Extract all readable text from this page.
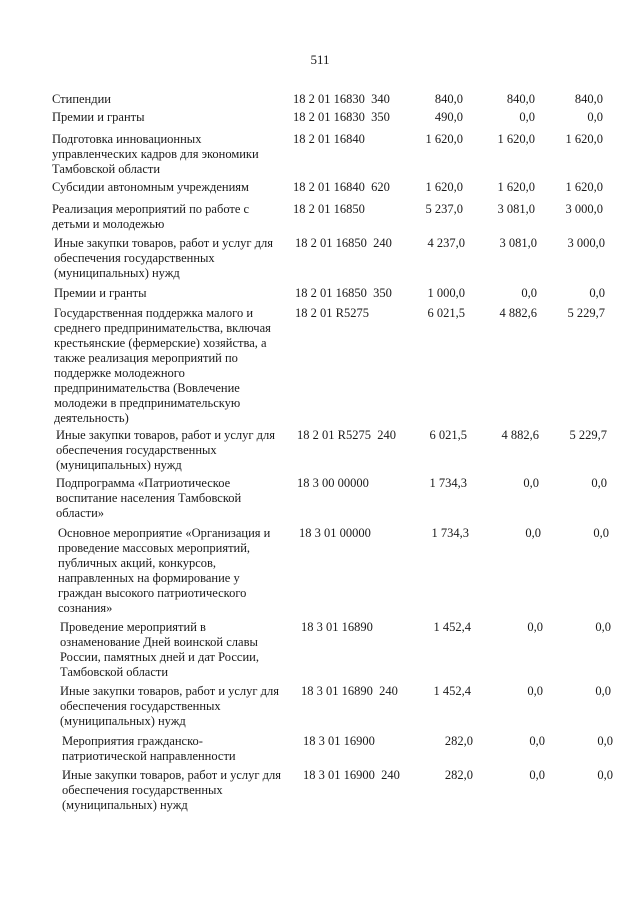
511
Стипендии	18 2 01 16830  340	840,0	840,0	840,0
Премии и гранты	18 2 01 16830  350	490,0	0,0	0,0
Подготовка инновационных
управленческих кадров для экономики
Тамбовской области
18 2 01 16840	1 620,0	1 620,0	1 620,0
Субсидии автономным учреждениям	18 2 01 16840  620	1 620,0	1 620,0	1 620,0
Реализация мероприятий по работе с
детьми и молодежью
18 2 01 16850	5 237,0	3 081,0	3 000,0
Иные закупки товаров, работ и услуг для
обеспечения государственных
(муниципальных) нужд
18 2 01 16850  240	4 237,0	3 081,0	3 000,0
Премии и гранты	18 2 01 16850  350	1 000,0	0,0	0,0
Государственная поддержка малого и
среднего предпринимательства, включая
крестьянские (фермерские) хозяйства, а
также реализация мероприятий по
поддержке молодежного
предпринимательства (Вовлечение
молодежи в предпринимательскую
деятельность)
18 2 01 R5275	6 021,5	4 882,6	5 229,7
Иные закупки товаров, работ и услуг для
обеспечения государственных
(муниципальных) нужд
18 2 01 R5275  240	6 021,5	4 882,6	5 229,7
Подпрограмма «Патриотическое
воспитание населения Тамбовской
области»
18 3 00 00000	1 734,3	0,0	0,0
Основное мероприятие «Организация и
проведение массовых мероприятий,
публичных акций, конкурсов,
направленных на формирование у
граждан высокого патриотического
сознания»
18 3 01 00000	1 734,3	0,0	0,0
Проведение мероприятий в
ознаменование Дней воинской славы
России, памятных дней и дат России,
Тамбовской области
18 3 01 16890	1 452,4	0,0	0,0
Иные закупки товаров, работ и услуг для
обеспечения государственных
(муниципальных) нужд
18 3 01 16890  240	1 452,4	0,0	0,0
Мероприятия гражданско-
патриотической направленности
18 3 01 16900	282,0	0,0	0,0
Иные закупки товаров, работ и услуг для
обеспечения государственных
(муниципальных) нужд
18 3 01 16900  240	282,0	0,0	0,0
